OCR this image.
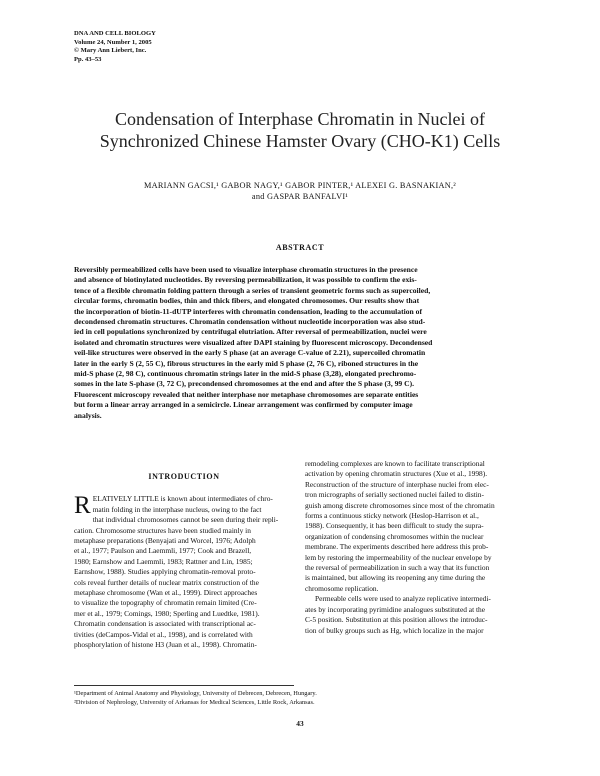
DNA AND CELL BIOLOGY
Volume 24, Number 1, 2005
© Mary Ann Liebert, Inc.
Pp. 43–53
Condensation of Interphase Chromatin in Nuclei of
Synchronized Chinese Hamster Ovary (CHO-K1) Cells
MARIANN GACSI,¹ GABOR NAGY,¹ GABOR PINTER,¹ ALEXEI G. BASNAKIAN,²
and GASPAR BANFALVI¹
ABSTRACT
Reversibly permeabilized cells have been used to visualize interphase chromatin structures in the presence
and absence of biotinylated nucleotides. By reversing permeabilization, it was possible to confirm the exis-
tence of a flexible chromatin folding pattern through a series of transient geometric forms such as supercoiled,
circular forms, chromatin bodies, thin and thick fibers, and elongated chromosomes. Our results show that
the incorporation of biotin-11-dUTP interferes with chromatin condensation, leading to the accumulation of
decondensed chromatin structures. Chromatin condensation without nucleotide incorporation was also stud-
ied in cell populations synchronized by centrifugal elutriation. After reversal of permeabilization, nuclei were
isolated and chromatin structures were visualized after DAPI staining by fluorescent microscopy. Decondensed
veil-like structures were observed in the early S phase (at an average C-value of 2.21), supercoiled chromatin
later in the early S (2, 55 C), fibrous structures in the early mid S phase (2, 76 C), riboned structures in the
mid-S phase (2, 98 C), continuous chromatin strings later in the mid-S phase (3,28), elongated prechromo-
somes in the late S-phase (3, 72 C), precondensed chromosomes at the end and after the S phase (3, 99 C).
Fluorescent microscopy revealed that neither interphase nor metaphase chromosomes are separate entities
but form a linear array arranged in a semicircle. Linear arrangement was confirmed by computer image
analysis.
INTRODUCTION
R ELATIVELY LITTLE is known about intermediates of chro-
matin folding in the interphase nucleus, owing to the fact
that individual chromosomes cannot be seen during their repli-
cation. Chromosome structures have been studied mainly in
metaphase preparations (Benyajati and Worcel, 1976; Adolph
et al., 1977; Paulson and Laemmli, 1977; Cook and Brazell,
1980; Earnshow and Laemmli, 1983; Rattner and Lin, 1985;
Earnshow, 1988). Studies applying chromatin-removal proto-
cols reveal further details of nuclear matrix construction of the
metaphase chromosome (Wan et al., 1999). Direct approaches
to visualize the topography of chromatin remain limited (Cre-
mer et al., 1979; Comings, 1980; Sperling and Luedtke, 1981).
Chromatin condensation is associated with transcriptional ac-
tivities (deCampos-Vidal et al., 1998), and is correlated with
phosphorylation of histone H3 (Juan et al., 1998). Chromatin-
remodeling complexes are known to facilitate transcriptional
activation by opening chromatin structures (Xue et al., 1998).
Reconstruction of the structure of interphase nuclei from elec-
tron micrographs of serially sectioned nuclei failed to distin-
guish among discrete chromosomes since most of the chromatin
forms a continuous sticky network (Heslop-Harrison et al.,
1988). Consequently, it has been difficult to study the supra-
organization of condensing chromosomes within the nuclear
membrane. The experiments described here address this prob-
lem by restoring the impermeability of the nuclear envelope by
the reversal of permeabilization in such a way that its function
is maintained, but allowing its reopening any time during the
chromosome replication.
Permeable cells were used to analyze replicative intermedi-
ates by incorporating pyrimidine analogues substituted at the
C-5 position. Substitution at this position allows the introduc-
tion of bulky groups such as Hg, which localize in the major
¹Department of Animal Anatomy and Physiology, University of Debrecen, Debrecen, Hungary.
²Division of Nephrology, University of Arkansas for Medical Sciences, Little Rock, Arkansas.
43
